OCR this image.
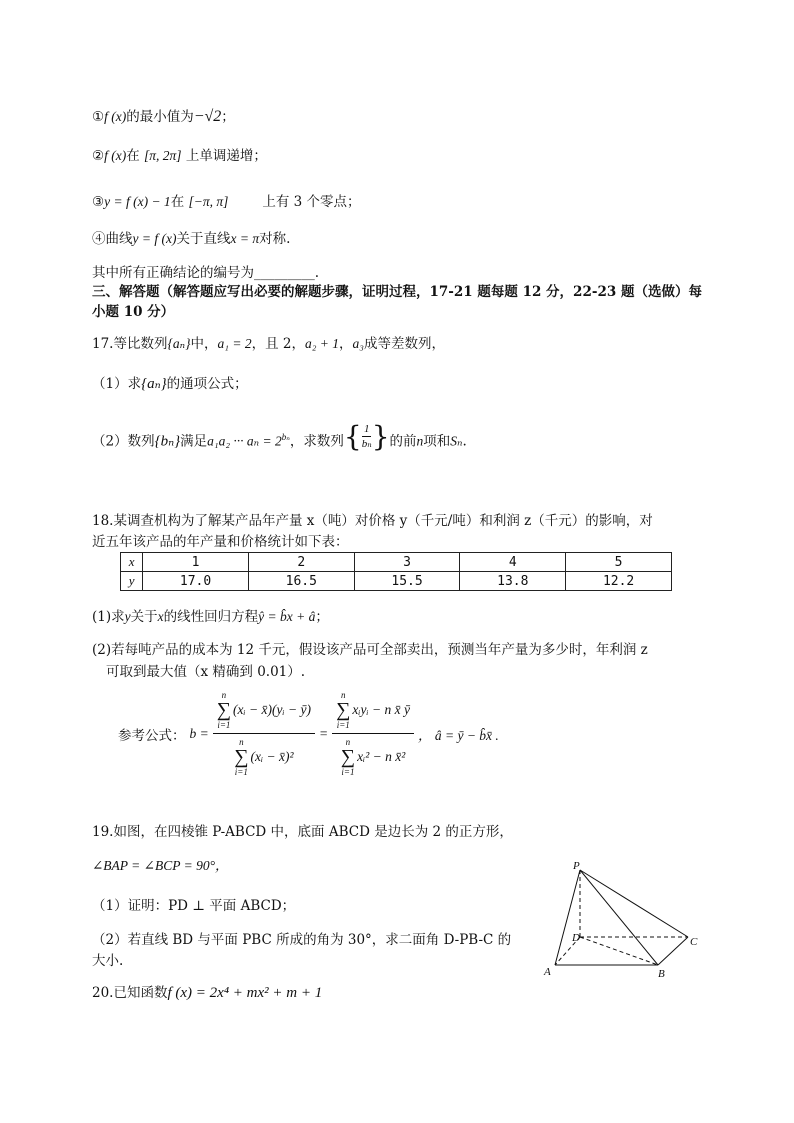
①f (x)的最小值为−√2；
②f (x)在 [π, 2π] 上单调递增；
③y = f (x) − 1在 [−π, π]	上有 3 个零点；
④曲线y = f (x)关于直线x = π对称.
其中所有正确结论的编号为_________.
三、解答题（解答题应写出必要的解题步骤，证明过程，17-21 题每题 12 分，22-23 题（选做）每小题 10 分）
17.等比数列{aₙ}中，a₁ = 2，且 2，a₂ + 1，a₃成等差数列，
（1）求{aₙ}的通项公式；
（2）数列{bₙ}满足a₁a₂ ··· $a_n = 2^{b_n}$，求数列 { $\frac{1}{\text{bₙ}}$ } 的前n项和Sₙ.
18.某调查机构为了解某产品年产量 x（吨）对价格 y（千元/吨）和利润 z（千元）的影响，对
近五年该产品的年产量和价格统计如下表：
x	1	2	3	4	5
y	17.0	16.5	15.5	13.8	12.2
(1)求y关于x的线性回归方程ŷ = b̂x + â；
(2)若每吨产品的成本为 12 千元，假设该产品可全部卖出，预测当年产量为多少时，年利润 z
可取到最大值（x 精确到 0.01）.
参考公式： b = n
∑
i=1
(xᵢ − x̄)(yᵢ − ȳ)
n
∑
i=1
(xᵢ − x̄)² = n
∑
i=1
xᵢyᵢ − n x̄ ȳ
n
∑
i=1
xᵢ² − n x̄² ， â = ȳ − b̂x̄ .
19.如图，在四棱锥 P-ABCD 中，底面 ABCD 是边长为 2 的正方形，
∠BAP = ∠BCP = 90°，
（1）证明：PD ⊥ 平面 ABCD；
（2）若直线 BD 与平面 PBC 所成的角为 30°，求二面角 D-PB-C 的
大小.
P
A	B
C
D
20.已知函数f (x) = 2x⁴ + mx² + m + 1
